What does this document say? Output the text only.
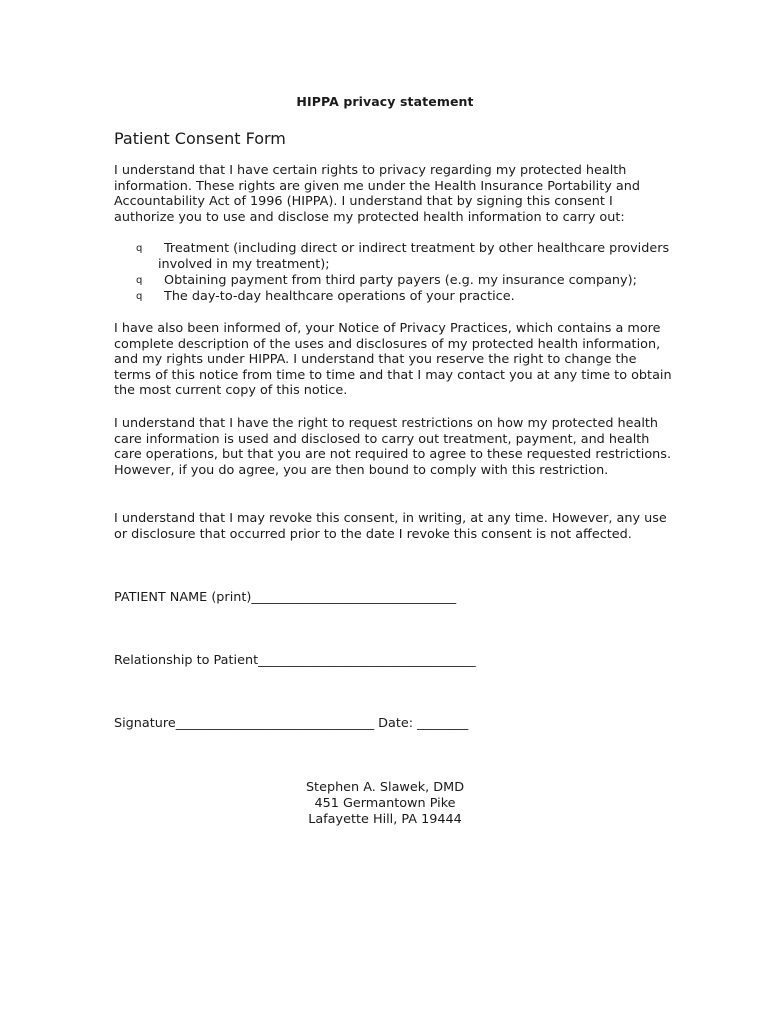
HIPPA privacy statement
Patient Consent Form

I understand that I have certain rights to privacy regarding my protected health information. These rights are given me under the Health Insurance Portability and Accountability Act of 1996 (HIPPA). I understand that by signing this consent I authorize you to use and disclose my protected health information to carry out:

q Treatment (including direct or indirect treatment by other healthcare providers involved in my treatment);
q Obtaining payment from third party payers (e.g. my insurance company);
q The day-to-day healthcare operations of your practice.

I have also been informed of, your Notice of Privacy Practices, which contains a more complete description of the uses and disclosures of my protected health information, and my rights under HIPPA. I understand that you reserve the right to change the terms of this notice from time to time and that I may contact you at any time to obtain the most current copy of this notice.

I understand that I have the right to request restrictions on how my protected health care information is used and disclosed to carry out treatment, payment, and health care operations, but that you are not required to agree to these requested restrictions. However, if you do agree, you are then bound to comply with this restriction.

I understand that I may revoke this consent, in writing, at any time. However, any use or disclosure that occurred prior to the date I revoke this consent is not affected.

PATIENT NAME (print)________________________________
Relationship to Patient__________________________________
Signature_______________________________ Date: ________
Stephen A. Slawek, DMD
451 Germantown Pike
Lafayette Hill, PA 19444
